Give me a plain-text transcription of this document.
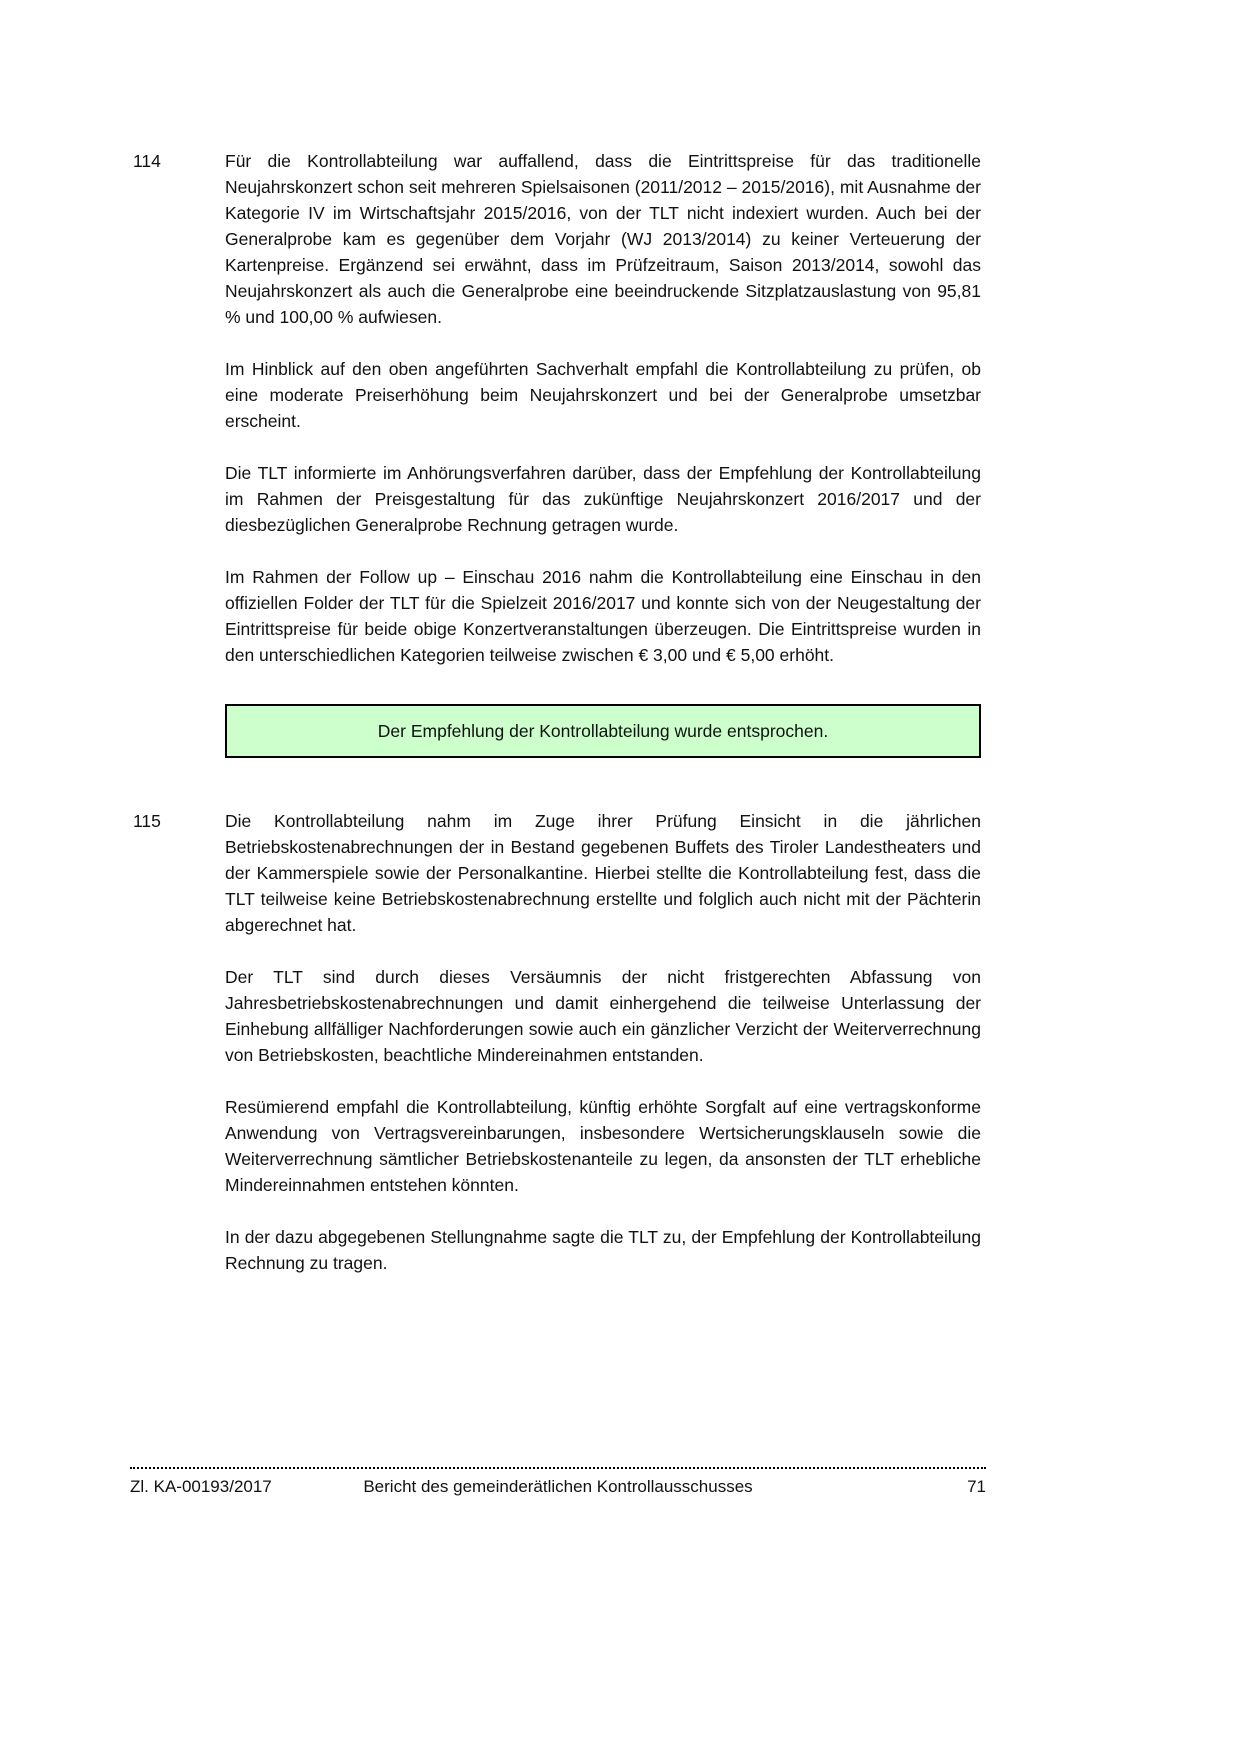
114	Für die Kontrollabteilung war auffallend, dass die Eintrittspreise für das traditionelle Neujahrskonzert schon seit mehreren Spielsaisonen (2011/2012 – 2015/2016), mit Ausnahme der Kategorie IV im Wirtschaftsjahr 2015/2016, von der TLT nicht indexiert wurden. Auch bei der Generalprobe kam es gegenüber dem Vorjahr (WJ 2013/2014) zu keiner Verteuerung der Kartenpreise. Ergänzend sei erwähnt, dass im Prüfzeitraum, Saison 2013/2014, sowohl das Neujahrskonzert als auch die Generalprobe eine beeindruckende Sitzplatzauslastung von 95,81 % und 100,00 % aufwiesen.

Im Hinblick auf den oben angeführten Sachverhalt empfahl die Kontrollabteilung zu prüfen, ob eine moderate Preiserhöhung beim Neujahrskonzert und bei der Generalprobe umsetzbar erscheint.

Die TLT informierte im Anhörungsverfahren darüber, dass der Empfehlung der Kontrollabteilung im Rahmen der Preisgestaltung für das zukünftige Neujahrskonzert 2016/2017 und der diesbezüglichen Generalprobe Rechnung getragen wurde.

Im Rahmen der Follow up – Einschau 2016 nahm die Kontrollabteilung eine Einschau in den offiziellen Folder der TLT für die Spielzeit 2016/2017 und konnte sich von der Neugestaltung der Eintrittspreise für beide obige Konzertveranstaltungen überzeugen. Die Eintrittspreise wurden in den unterschiedlichen Kategorien teilweise zwischen € 3,00 und € 5,00 erhöht.

Der Empfehlung der Kontrollabteilung wurde entsprochen.
115	Die Kontrollabteilung nahm im Zuge ihrer Prüfung Einsicht in die jährlichen Betriebskostenabrechnungen der in Bestand gegebenen Buffets des Tiroler Landestheaters und der Kammerspiele sowie der Personalkantine. Hierbei stellte die Kontrollabteilung fest, dass die TLT teilweise keine Betriebskostenabrechnung erstellte und folglich auch nicht mit der Pächterin abgerechnet hat.

Der TLT sind durch dieses Versäumnis der nicht fristgerechten Abfassung von Jahresbetriebskostenabrechnungen und damit einhergehend die teilweise Unterlassung der Einhebung allfälliger Nachforderungen sowie auch ein gänzlicher Verzicht der Weiterverrechnung von Betriebskosten, beachtliche Mindereinahmen entstanden.

Resümierend empfahl die Kontrollabteilung, künftig erhöhte Sorgfalt auf eine vertragskonforme Anwendung von Vertragsvereinbarungen, insbesondere Wertsicherungsklauseln sowie die Weiterverrechnung sämtlicher Betriebskostenanteile zu legen, da ansonsten der TLT erhebliche Mindereinnahmen entstehen könnten.

In der dazu abgegebenen Stellungnahme sagte die TLT zu, der Empfehlung der Kontrollabteilung Rechnung zu tragen.

Zl. KA-00193/2017	Bericht des gemeinderätlichen Kontrollausschusses	71
